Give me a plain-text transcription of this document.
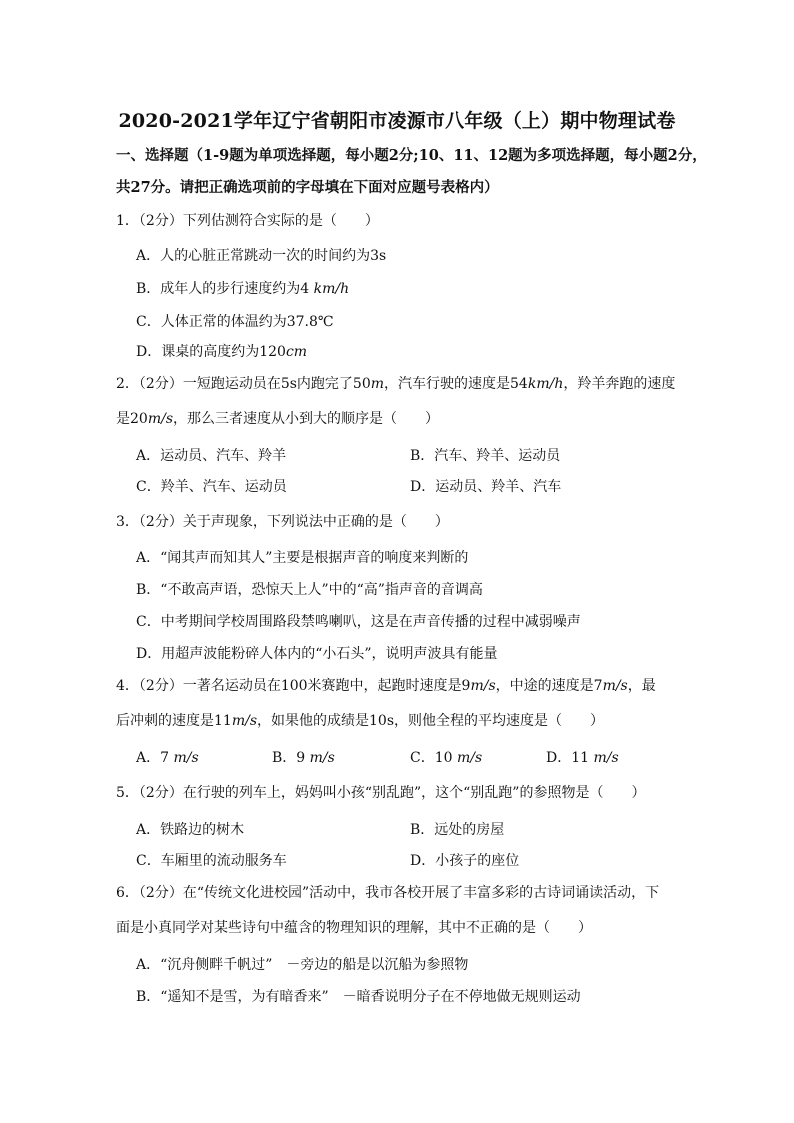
2020-2021学年辽宁省朝阳市凌源市八年级（上）期中物理试卷
一、选择题（1-9题为单项选择题，每小题2分;10、11、12题为多项选择题，每小题2分，
共27分。请把正确选项前的字母填在下面对应题号表格内）
1．（2分）下列估测符合实际的是（　　）
A．人的心脏正常跳动一次的时间约为3s
B．成年人的步行速度约为4 km/h
C．人体正常的体温约为37.8℃
D．课桌的高度约为120cm
2．（2分）一短跑运动员在5s内跑完了50m，汽车行驶的速度是54km/h，羚羊奔跑的速度
是20m/s，那么三者速度从小到大的顺序是（　　）
A．运动员、汽车、羚羊	B．汽车、羚羊、运动员
C．羚羊、汽车、运动员	D．运动员、羚羊、汽车
3．（2分）关于声现象，下列说法中正确的是（　　）
A．“闻其声而知其人”主要是根据声音的响度来判断的
B．“不敢高声语，恐惊天上人”中的“高”指声音的音调高
C．中考期间学校周围路段禁鸣喇叭，这是在声音传播的过程中减弱噪声
D．用超声波能粉碎人体内的“小石头”，说明声波具有能量
4．（2分）一著名运动员在100米赛跑中，起跑时速度是9m/s，中途的速度是7m/s，最
后冲刺的速度是11m/s，如果他的成绩是10s，则他全程的平均速度是（　　）
A．7 m/s	B．9 m/s	C．10 m/s	D．11 m/s
5．（2分）在行驶的列车上，妈妈叫小孩“别乱跑”，这个“别乱跑”的参照物是（　　）
A．铁路边的树木	B．远处的房屋
C．车厢里的流动服务车	D．小孩子的座位
6．（2分）在“传统文化进校园”活动中，我市各校开展了丰富多彩的古诗词诵读活动，下
面是小真同学对某些诗句中蕴含的物理知识的理解，其中不正确的是（　　）
A．“沉舟侧畔千帆过”　－旁边的船是以沉船为参照物
B．“遥知不是雪，为有暗香来”　－暗香说明分子在不停地做无规则运动
